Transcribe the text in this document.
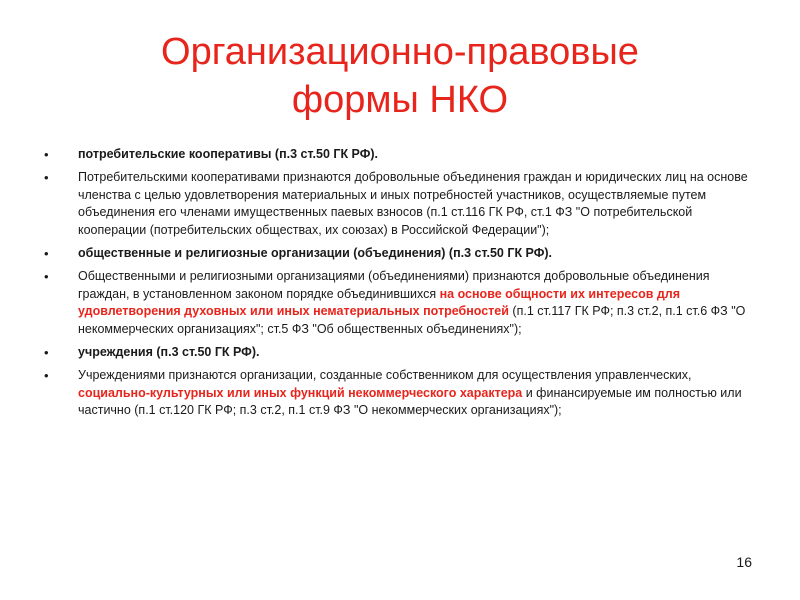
Организационно-правовые
формы НКО
• потребительские кооперативы (п.3 ст.50 ГК РФ).
• Потребительскими кооперативами признаются добровольные объединения граждан и юридических лиц на основе членства с целью удовлетворения материальных и иных потребностей участников, осуществляемые путем объединения его членами имущественных паевых взносов (п.1 ст.116 ГК РФ, ст.1 ФЗ "О потребительской кооперации (потребительских обществах, их союзах) в Российской Федерации");
• общественные и религиозные организации (объединения) (п.3 ст.50 ГК РФ).
• Общественными и религиозными организациями (объединениями) признаются добровольные объединения граждан, в установленном законом порядке объединившихся на основе общности их интересов для удовлетворения духовных или иных нематериальных потребностей (п.1 ст.117 ГК РФ; п.3 ст.2, п.1 ст.6 ФЗ "О некоммерческих организациях"; ст.5 ФЗ "Об общественных объединениях");
• учреждения (п.3 ст.50 ГК РФ).
• Учреждениями признаются организации, созданные собственником для осуществления управленческих, социально-культурных или иных функций некоммерческого характера и финансируемые им полностью или частично (п.1 ст.120 ГК РФ; п.3 ст.2, п.1 ст.9 ФЗ "О некоммерческих организациях");
16
